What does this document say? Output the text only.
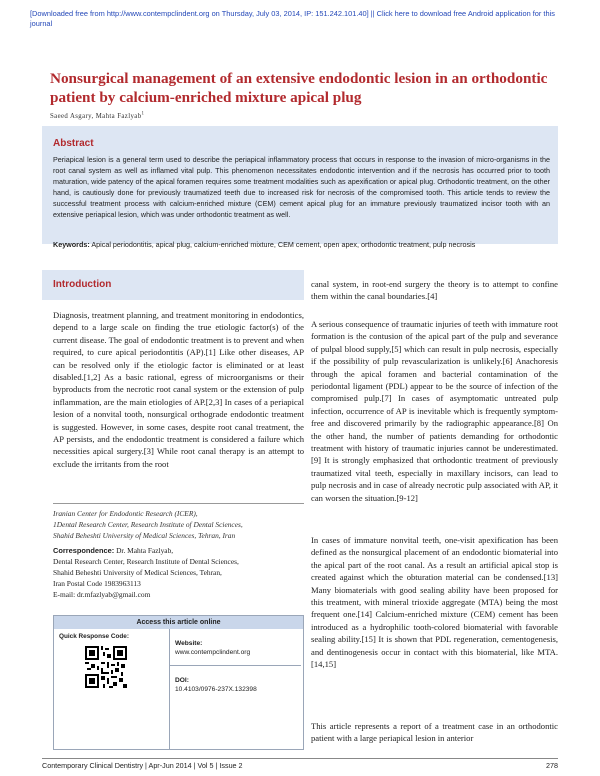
[Downloaded free from http://www.contempclindent.org on Thursday, July 03, 2014, IP: 151.242.101.40] || Click here to download free Android application for this journal
Nonsurgical management of an extensive endodontic lesion in an orthodontic patient by calcium-enriched mixture apical plug
Saeed Asgary, Mahta Fazlyab$^1$
Abstract

Periapical lesion is a general term used to describe the periapical inflammatory process that occurs in response to the invasion of micro-organisms in the root canal system as well as inflamed vital pulp. This phenomenon necessitates endodontic intervention and if the necrosis has occurred prior to tooth maturation, wide patency of the apical foramen requires some treatment modalities such as apexification or apical plug. Orthodontic treatment, on the other hand, is cautiously done for previously traumatized teeth due to increased risk for necrosis of the compromised tooth. This article tends to review the successful treatment process with calcium-enriched mixture (CEM) cement apical plug for an immature previously traumatized incisor tooth with an extensive periapical lesion, which was under orthodontic treatment as well.

Keywords: Apical periodontitis, apical plug, calcium-enriched mixture, CEM cement, open apex, orthodontic treatment, pulp necrosis

Introduction

Diagnosis, treatment planning, and treatment monitoring in endodontics, depend to a large scale on finding the true etiologic factor(s) of the current disease. The goal of endodontic treatment is to prevent and when required, to cure apical periodontitis (AP).[1] Like other diseases, AP can be resolved only if the etiologic factor is eliminated or at least disabled.[1,2] As a basic rational, egress of microorganisms or their byproducts from the necrotic root canal system or the extension of pulp inflammation, are the main etiologies of AP.[2,3] In cases of a periapical lesion of a nonvital tooth, nonsurgical orthograde endodontic treatment is suggested. However, in some cases, despite root canal treatment, the AP persists, and the endodontic treatment is considered a failure which necessities apical surgery.[3] While root canal therapy is an attempt to exclude the irritants from the root

canal system, in root-end surgery the theory is to attempt to confine them within the canal boundaries.[4]

A serious consequence of traumatic injuries of teeth with immature root formation is the contusion of the apical part of the pulp and severance of pulpal blood supply,[5] which can result in pulp necrosis, especially if the possibility of pulp revascularization is unlikely.[6] Anachoresis through the apical foramen and bacterial contamination of the periodontal ligament (PDL) appear to be the source of infection of the compromised pulp.[7] In cases of asymptomatic untreated pulp infection, occurrence of AP is inevitable which is frequently symptom-free and discovered primarily by the radiographic appearance.[8] On the other hand, the number of patients demanding for orthodontic treatment with history of traumatic injuries cannot be underestimated.[9] It is strongly emphasized that orthodontic treatment of previously traumatized vital teeth, especially in maxillary incisors, can lead to pulp necrosis and in case of already necrotic pulp associated with AP, it can worsen the situation.[9-12]

In cases of immature nonvital teeth, one-visit apexification has been defined as the nonsurgical placement of an endodontic biomaterial into the apical part of the root canal. As a result an artificial apical stop is created against which the obturation material can be condensed.[13] Many biomaterials with good sealing ability have been proposed for this treatment, with mineral trioxide aggregate (MTA) being the most frequent one.[14] Calcium-enriched mixture (CEM) cement has been introduced as a hydrophilic tooth-colored biomaterial with favorable sealing ability.[15] It is shown that PDL regeneration, cementogenesis, and dentinogenesis occur in contact with this biomaterial, like MTA.[14,15]

This article represents a report of a treatment case in an orthodontic patient with a large periapical lesion in anterior

Iranian Center for Endodontic Research (ICER),
1Dental Research Center, Research Institute of Dental Sciences,
Shahid Beheshti University of Medical Sciences, Tehran, Iran
Correspondence: Dr. Mahta Fazlyab,
Dental Research Center, Research Institute of Dental Sciences,
Shahid Beheshti University of Medical Sciences, Tehran,
Iran Postal Code 1983963113
E-mail: dr.mfazlyab@gmail.com
Access this article online
Quick Response Code:
Website:
www.contempclindent.org
DOI:
10.4103/0976-237X.132398
Contemporary Clinical Dentistry | Apr-Jun 2014 | Vol 5 | Issue 2	278
